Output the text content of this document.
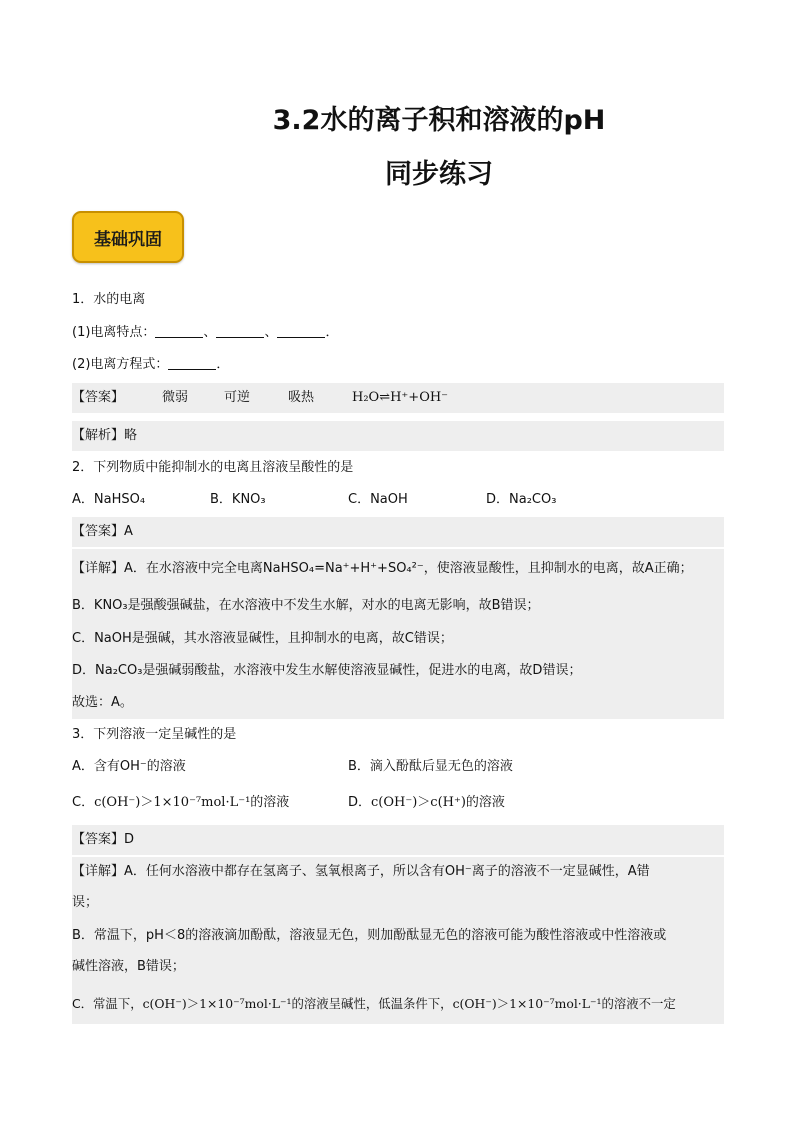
3.2水的离子积和溶液的pH
同步练习
基础巩固
1．水的电离
(1)电离特点：	、	、	．
(2)电离方程式：	．
【答案】	微弱	可逆	吸热	H₂O⇌H⁺+OH⁻
【解析】略
2．下列物质中能抑制水的电离且溶液呈酸性的是
A．NaHSO₄	B．KNO₃	C．NaOH	D．Na₂CO₃
【答案】A
【详解】A．在水溶液中完全电离NaHSO₄=Na⁺+H⁺+SO₄²⁻，使溶液显酸性，且抑制水的电离，故A正确；
B．KNO₃是强酸强碱盐，在水溶液中不发生水解，对水的电离无影响，故B错误；
C．NaOH是强碱，其水溶液显碱性，且抑制水的电离，故C错误；
D．Na₂CO₃是强碱弱酸盐，水溶液中发生水解使溶液显碱性，促进水的电离，故D错误；
故选：A。
3．下列溶液一定呈碱性的是
A．含有OH⁻的溶液	B．滴入酚酞后显无色的溶液
C．c(OH⁻)＞1×10⁻⁷mol·L⁻¹的溶液	D．c(OH⁻)＞c(H⁺)的溶液
【答案】D
【详解】A．任何水溶液中都存在氢离子、氢氧根离子，所以含有OH⁻离子的溶液不一定显碱性，A错
误；
B．常温下，pH＜8的溶液滴加酚酞，溶液显无色，则加酚酞显无色的溶液可能为酸性溶液或中性溶液或
碱性溶液，B错误；
C．常温下，c(OH⁻)＞1×10⁻⁷mol·L⁻¹的溶液呈碱性，低温条件下，c(OH⁻)＞1×10⁻⁷mol·L⁻¹的溶液不一定
